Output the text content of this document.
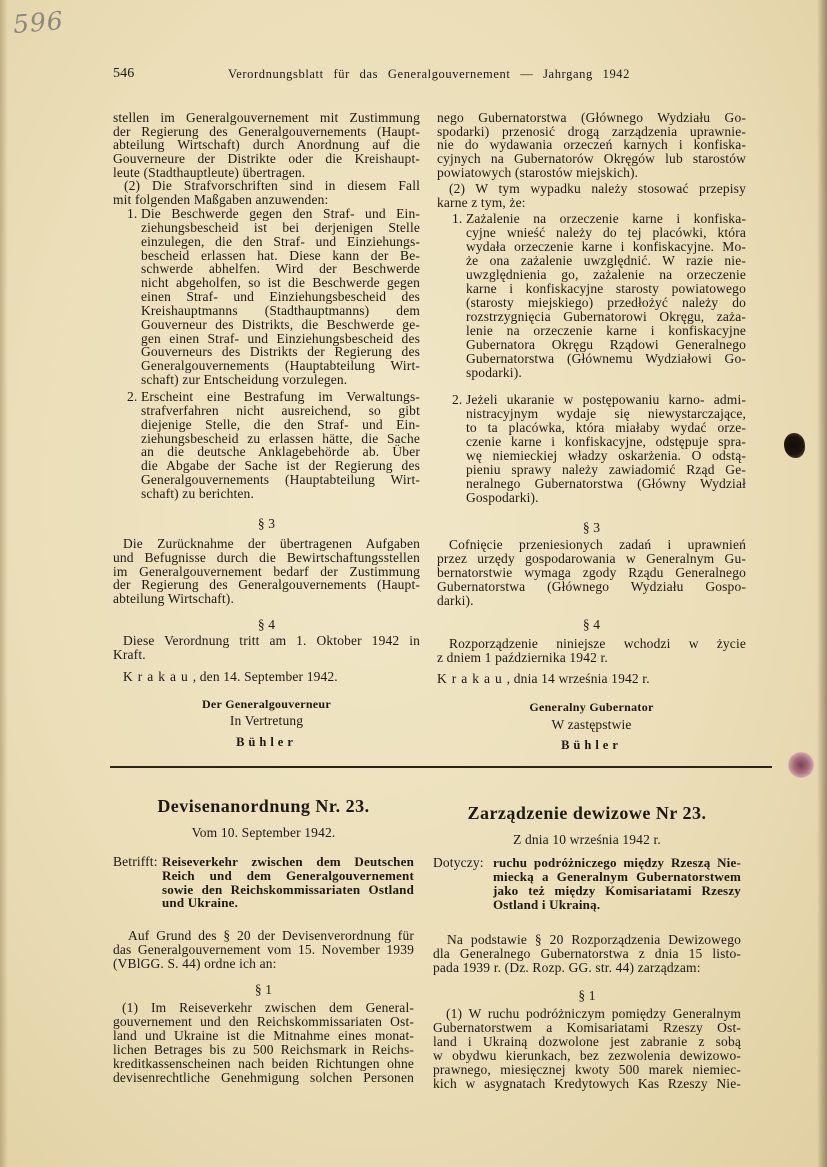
596
546	Verordnungsblatt für das Generalgouvernement — Jahrgang 1942
stellen im Generalgouvernement mit Zustimmung
der Regierung des Generalgouvernements (Haupt-
abteilung Wirtschaft) durch Anordnung auf die
Gouverneure der Distrikte oder die Kreishaupt-
leute (Stadthauptleute) übertragen.
(2) Die Strafvorschriften sind in diesem Fall
mit folgenden Maßgaben anzuwenden:
1. Die Beschwerde gegen den Straf- und Ein-
ziehungsbescheid ist bei derjenigen Stelle
einzulegen, die den Straf- und Einziehungs-
bescheid erlassen hat. Diese kann der Be-
schwerde abhelfen. Wird der Beschwerde
nicht abgeholfen, so ist die Beschwerde gegen
einen Straf- und Einziehungsbescheid des
Kreishauptmanns (Stadthauptmanns) dem
Gouverneur des Distrikts, die Beschwerde ge-
gen einen Straf- und Einziehungsbescheid des
Gouverneurs des Distrikts der Regierung des
Generalgouvernements (Hauptabteilung Wirt-
schaft) zur Entscheidung vorzulegen.
2. Erscheint eine Bestrafung im Verwaltungs-
strafverfahren nicht ausreichend, so gibt
diejenige Stelle, die den Straf- und Ein-
ziehungsbescheid zu erlassen hätte, die Sache
an die deutsche Anklagebehörde ab. Über
die Abgabe der Sache ist der Regierung des
Generalgouvernements (Hauptabteilung Wirt-
schaft) zu berichten.
§ 3
Die Zurücknahme der übertragenen Aufgaben
und Befugnisse durch die Bewirtschaftungsstellen
im Generalgouvernement bedarf der Zustimmung
der Regierung des Generalgouvernements (Haupt-
abteilung Wirtschaft).
§ 4
Diese Verordnung tritt am 1. Oktober 1942 in
Kraft.
Krakau, den 14. September 1942.
Der Generalgouverneur
In Vertretung
Bühler
nego Gubernatorstwa (Głównego Wydziału Go-
spodarki) przenosić drogą zarządzenia uprawnie-
nie do wydawania orzeczeń karnych i konfiska-
cyjnych na Gubernatorów Okręgów lub starostów
powiatowych (starostów miejskich).
(2) W tym wypadku należy stosować przepisy
karne z tym, że:
1. Zażalenie na orzeczenie karne i konfiska-
cyjne wnieść należy do tej placówki, która
wydała orzeczenie karne i konfiskacyjne. Mo-
że ona zażalenie uwzględnić. W razie nie-
uwzględnienia go, zażalenie na orzeczenie
karne i konfiskacyjne starosty powiatowego
(starosty miejskiego) przedłożyć należy do
rozstrzygnięcia Gubernatorowi Okręgu, zaża-
lenie na orzeczenie karne i konfiskacyjne
Gubernatora Okręgu Rządowi Generalnego
Gubernatorstwa (Głównemu Wydziałowi Go-
spodarki).
2. Jeżeli ukaranie w postępowaniu karno- admi-
nistracyjnym wydaje się niewystarczające,
to ta placówka, która miałaby wydać orze-
czenie karne i konfiskacyjne, odstępuje spra-
wę niemieckiej władzy oskarżenia. O odstą-
pieniu sprawy należy zawiadomić Rząd Ge-
neralnego Gubernatorstwa (Główny Wydział
Gospodarki).
§ 3
Cofnięcie przeniesionych zadań i uprawnień
przez urzędy gospodarowania w Generalnym Gu-
bernatorstwie wymaga zgody Rządu Generalnego
Gubernatorstwa (Głównego Wydziału Gospo-
darki).
§ 4
Rozporządzenie niniejsze wchodzi w życie
z dniem 1 października 1942 r.
Krakau, dnia 14 września 1942 r.
Generalny Gubernator
W zastępstwie
Bühler
Devisenanordnung Nr. 23.
Vom 10. September 1942.
Betrifft: Reiseverkehr zwischen dem Deutschen
Reich und dem Generalgouvernement
sowie den Reichskommissariaten Ostland
und Ukraine.
Auf Grund des § 20 der Devisenverordnung für
das Generalgouvernement vom 15. November 1939
(VBlGG. S. 44) ordne ich an:
§ 1
(1) Im Reiseverkehr zwischen dem General-
gouvernement und den Reichskommissariaten Ost-
land und Ukraine ist die Mitnahme eines monat-
lichen Betrages bis zu 500 Reichsmark in Reichs-
kreditkassenscheinen nach beiden Richtungen ohne
devisenrechtliche Genehmigung solchen Personen
Zarządzenie dewizowe Nr 23.
Z dnia 10 września 1942 r.
Dotyczy: ruchu podróżniczego między Rzeszą Nie-
miecką a Generalnym Gubernatorstwem
jako też między Komisariatami Rzeszy
Ostland i Ukrainą.
Na podstawie § 20 Rozporządzenia Dewizowego
dla Generalnego Gubernatorstwa z dnia 15 listo-
pada 1939 r. (Dz. Rozp. GG. str. 44) zarządzam:
§ 1
(1) W ruchu podróżniczym pomiędzy Generalnym
Gubernatorstwem a Komisariatami Rzeszy Ost-
land i Ukrainą dozwolone jest zabranie z sobą
w obydwu kierunkach, bez zezwolenia dewizowo-
prawnego, miesięcznej kwoty 500 marek niemiec-
kich w asygnatach Kredytowych Kas Rzeszy Nie-
